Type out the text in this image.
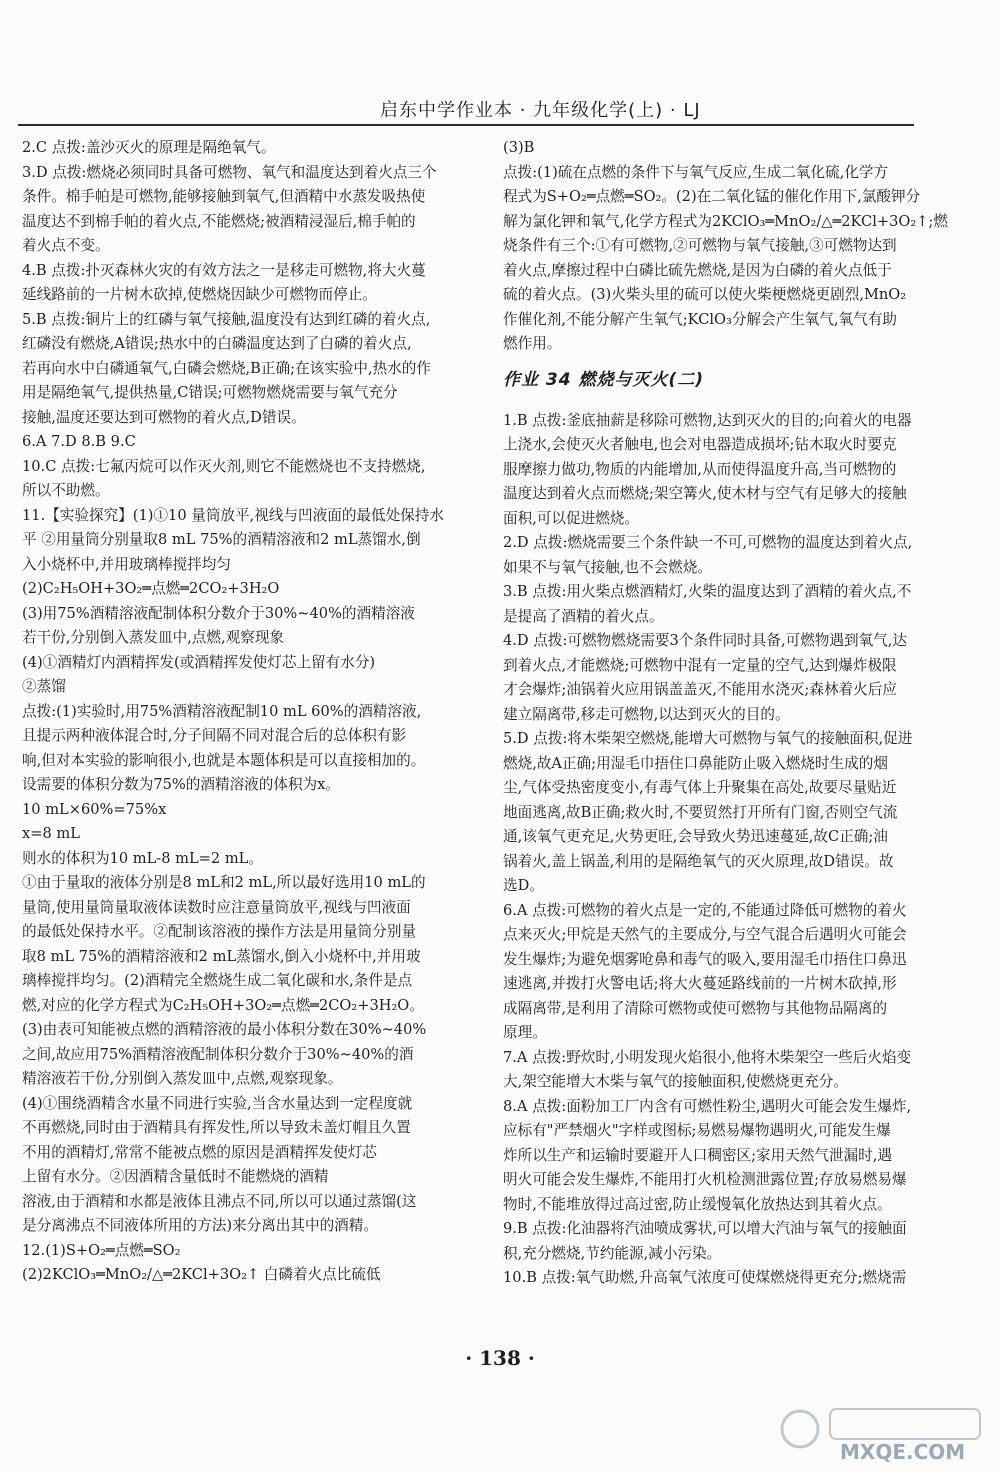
启东中学作业本 · 九年级化学(上) · LJ
2.C 点拨:盖沙灭火的原理是隔绝氧气。
3.D 点拨:燃烧必须同时具备可燃物、氧气和温度达到着火点三个
条件。棉手帕是可燃物,能够接触到氧气,但酒精中水蒸发吸热使
温度达不到棉手帕的着火点,不能燃烧;被酒精浸湿后,棉手帕的
着火点不变。
4.B 点拨:扑灭森林火灾的有效方法之一是移走可燃物,将大火蔓
延线路前的一片树木砍掉,使燃烧因缺少可燃物而停止。
5.B 点拨:铜片上的红磷与氧气接触,温度没有达到红磷的着火点,
红磷没有燃烧,A错误;热水中的白磷温度达到了白磷的着火点,
若再向水中白磷通氧气,白磷会燃烧,B正确;在该实验中,热水的作
用是隔绝氧气,提供热量,C错误;可燃物燃烧需要与氧气充分
接触,温度还要达到可燃物的着火点,D错误。
6.A 7.D 8.B 9.C
10.C 点拨:七氟丙烷可以作灭火剂,则它不能燃烧也不支持燃烧,
所以不助燃。
11.【实验探究】(1)①10 量筒放平,视线与凹液面的最低处保持水
平 ②用量筒分别量取8 mL 75%的酒精溶液和2 mL蒸馏水,倒
入小烧杯中,并用玻璃棒搅拌均匀
(2)C₂H₅OH+3O₂═点燃═2CO₂+3H₂O
(3)用75%酒精溶液配制体积分数介于30%~40%的酒精溶液
若干份,分别倒入蒸发皿中,点燃,观察现象
(4)①酒精灯内酒精挥发(或酒精挥发使灯芯上留有水分)
②蒸馏
点拨:(1)实验时,用75%酒精溶液配制10 mL 60%的酒精溶液,
且提示两种液体混合时,分子间隔不同对混合后的总体积有影
响,但对本实验的影响很小,也就是本题体积是可以直接相加的。
设需要的体积分数为75%的酒精溶液的体积为x。
10 mL×60%=75%x
x=8 mL
则水的体积为10 mL-8 mL=2 mL。
①由于量取的液体分别是8 mL和2 mL,所以最好选用10 mL的
量筒,使用量筒量取液体读数时应注意量筒放平,视线与凹液面
的最低处保持水平。②配制该溶液的操作方法是用量筒分别量
取8 mL 75%的酒精溶液和2 mL蒸馏水,倒入小烧杯中,并用玻
璃棒搅拌均匀。(2)酒精完全燃烧生成二氧化碳和水,条件是点
燃,对应的化学方程式为C₂H₅OH+3O₂═点燃═2CO₂+3H₂O。
(3)由表可知能被点燃的酒精溶液的最小体积分数在30%~40%
之间,故应用75%酒精溶液配制体积分数介于30%~40%的酒
精溶液若干份,分别倒入蒸发皿中,点燃,观察现象。
(4)①围绕酒精含水量不同进行实验,当含水量达到一定程度就
不再燃烧,同时由于酒精具有挥发性,所以导致未盖灯帽且久置
不用的酒精灯,常常不能被点燃的原因是酒精挥发使灯芯
上留有水分。②因酒精含量低时不能燃烧的酒精
溶液,由于酒精和水都是液体且沸点不同,所以可以通过蒸馏(这
是分离沸点不同液体所用的方法)来分离出其中的酒精。
12.(1)S+O₂═点燃═SO₂
(2)2KClO₃═MnO₂/△═2KCl+3O₂↑ 白磷着火点比硫低
(3)B
点拨:(1)硫在点燃的条件下与氧气反应,生成二氧化硫,化学方
程式为S+O₂═点燃═SO₂。(2)在二氧化锰的催化作用下,氯酸钾分
解为氯化钾和氧气,化学方程式为2KClO₃═MnO₂/△═2KCl+3O₂↑;燃
烧条件有三个:①有可燃物,②可燃物与氧气接触,③可燃物达到
着火点,摩擦过程中白磷比硫先燃烧,是因为白磷的着火点低于
硫的着火点。(3)火柴头里的硫可以使火柴梗燃烧更剧烈,MnO₂
作催化剂,不能分解产生氧气;KClO₃分解会产生氧气,氧气有助
燃作用。
作业 34 燃烧与灭火(二)
1.B 点拨:釜底抽薪是移除可燃物,达到灭火的目的;向着火的电器
上浇水,会使灭火者触电,也会对电器造成损坏;钻木取火时要克
服摩擦力做功,物质的内能增加,从而使得温度升高,当可燃物的
温度达到着火点而燃烧;架空篝火,使木材与空气有足够大的接触
面积,可以促进燃烧。
2.D 点拨:燃烧需要三个条件缺一不可,可燃物的温度达到着火点,
如果不与氧气接触,也不会燃烧。
3.B 点拨:用火柴点燃酒精灯,火柴的温度达到了酒精的着火点,不
是提高了酒精的着火点。
4.D 点拨:可燃物燃烧需要3个条件同时具备,可燃物遇到氧气,达
到着火点,才能燃烧;可燃物中混有一定量的空气,达到爆炸极限
才会爆炸;油锅着火应用锅盖盖灭,不能用水浇灭;森林着火后应
建立隔离带,移走可燃物,以达到灭火的目的。
5.D 点拨:将木柴架空燃烧,能增大可燃物与氧气的接触面积,促进
燃烧,故A正确;用湿毛巾捂住口鼻能防止吸入燃烧时生成的烟
尘,气体受热密度变小,有毒气体上升聚集在高处,故要尽量贴近
地面逃离,故B正确;救火时,不要贸然打开所有门窗,否则空气流
通,该氧气更充足,火势更旺,会导致火势迅速蔓延,故C正确;油
锅着火,盖上锅盖,利用的是隔绝氧气的灭火原理,故D错误。故
选D。
6.A 点拨:可燃物的着火点是一定的,不能通过降低可燃物的着火
点来灭火;甲烷是天然气的主要成分,与空气混合后遇明火可能会
发生爆炸;为避免烟雾呛鼻和毒气的吸入,要用湿毛巾捂住口鼻迅
速逃离,并拨打火警电话;将大火蔓延路线前的一片树木砍掉,形
成隔离带,是利用了清除可燃物或使可燃物与其他物品隔离的
原理。
7.A 点拨:野炊时,小明发现火焰很小,他将木柴架空一些后火焰变
大,架空能增大木柴与氧气的接触面积,使燃烧更充分。
8.A 点拨:面粉加工厂内含有可燃性粉尘,遇明火可能会发生爆炸,
应标有"严禁烟火"字样或图标;易燃易爆物遇明火,可能发生爆
炸所以生产和运输时要避开人口稠密区;家用天然气泄漏时,遇
明火可能会发生爆炸,不能用打火机检测泄露位置;存放易燃易爆
物时,不能堆放得过高过密,防止缓慢氧化放热达到其着火点。
9.B 点拨:化油器将汽油喷成雾状,可以增大汽油与氧气的接触面
积,充分燃烧,节约能源,减小污染。
10.B 点拨:氧气助燃,升高氧气浓度可使煤燃烧得更充分;燃烧需
· 138 ·
MXQE.COM
